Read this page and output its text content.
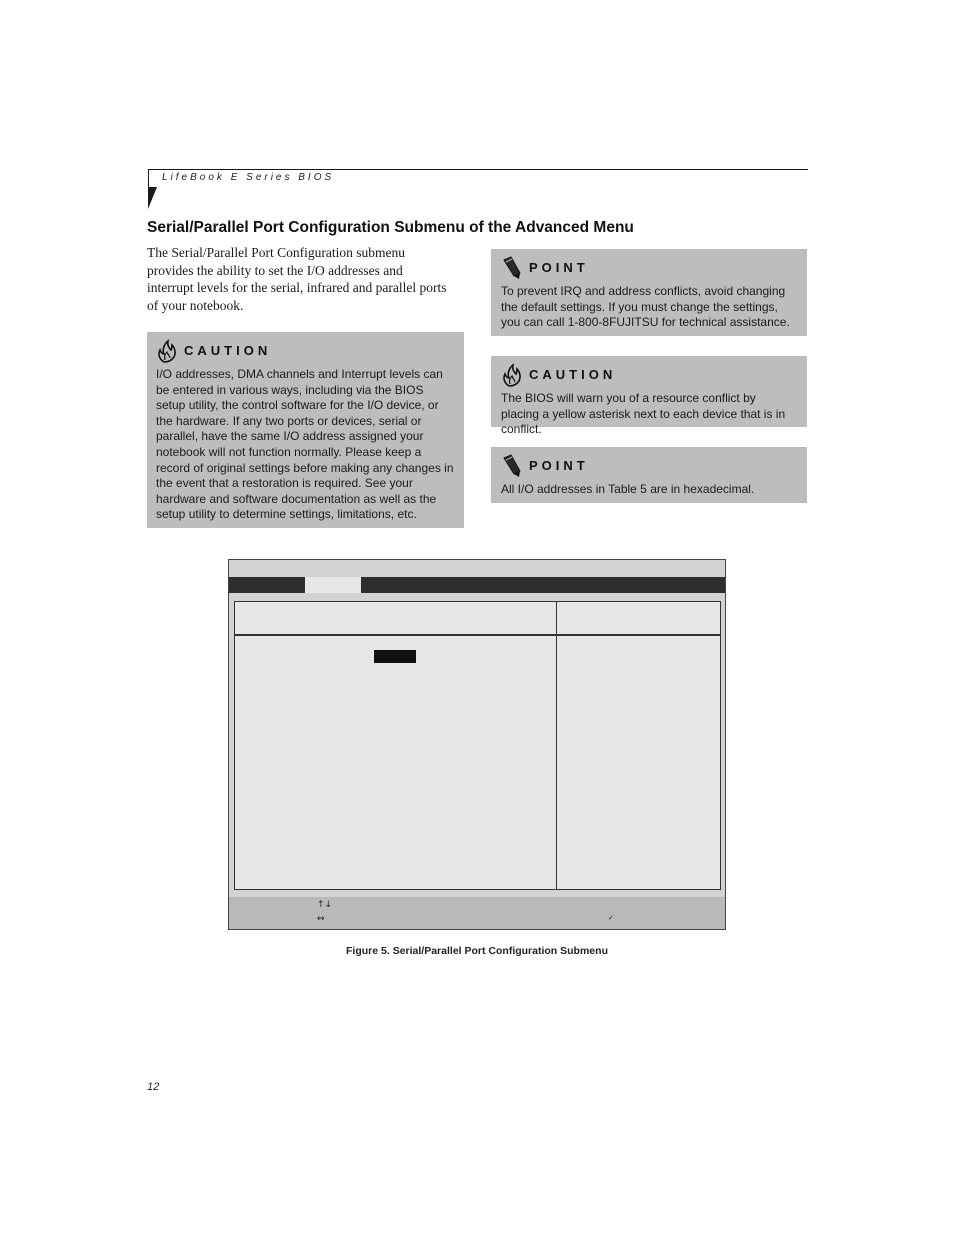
LifeBook E Series BIOS
Serial/Parallel Port Configuration Submenu of the Advanced Menu
The Serial/Parallel Port Configuration submenu provides the ability to set the I/O addresses and interrupt levels for the serial, infrared and parallel ports of your notebook.
CAUTION
I/O addresses, DMA channels and Interrupt levels can be entered in various ways, including via the BIOS setup utility, the control software for the I/O device, or the hardware. If any two ports or devices, serial or parallel, have the same I/O address assigned your notebook will not function normally. Please keep a record of original settings before making any changes in the event that a restoration is required. See your hardware and software documentation as well as the setup utility to determine settings, limitations, etc.
POINT
To prevent IRQ and address conflicts, avoid changing the default settings. If you must change the settings, you can call 1-800-8FUJITSU for technical assistance.
CAUTION
The BIOS will warn you of a resource conflict by placing a yellow asterisk next to each device that is in conflict.
POINT
All I/O addresses in Table 5 are in hexadecimal.
↑↓
↔	✓
Figure 5. Serial/Parallel Port Configuration Submenu
12
